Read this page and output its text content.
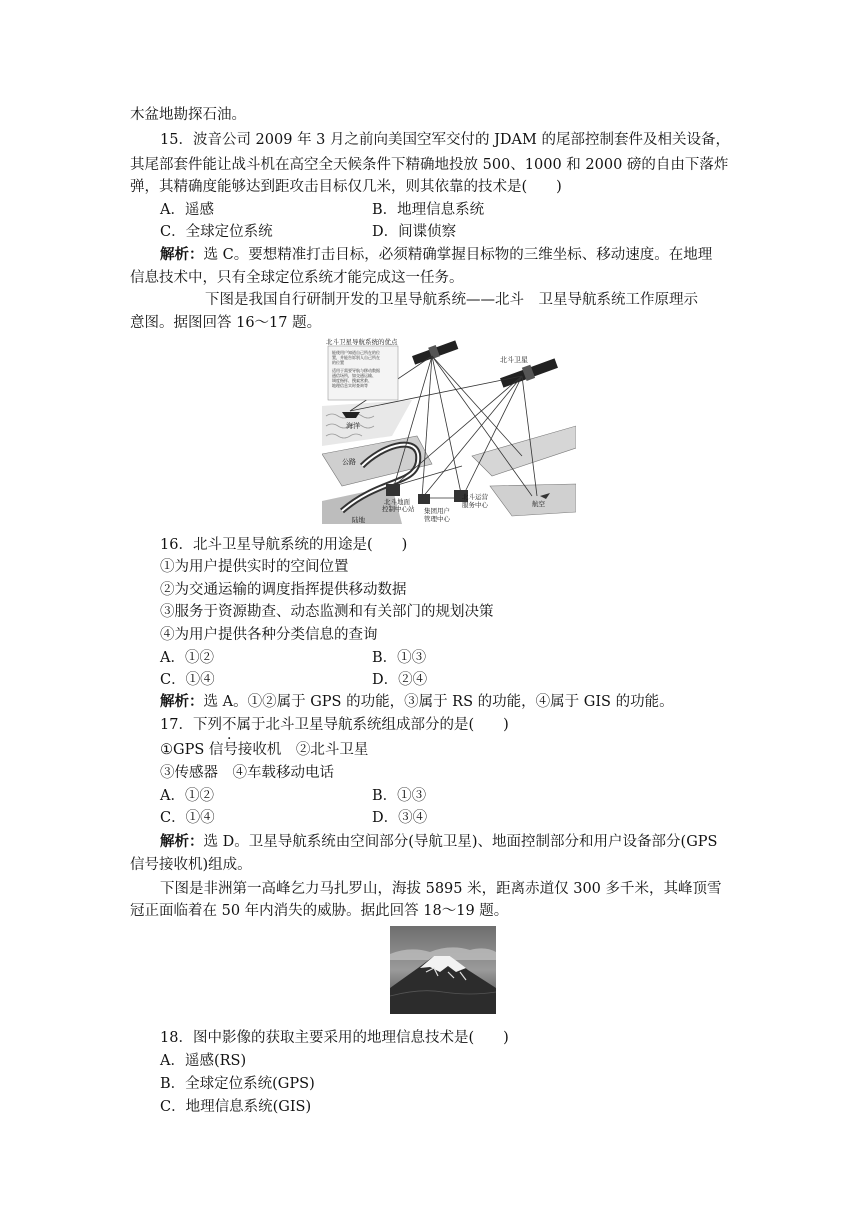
木盆地勘探石油。
15．波音公司 2009 年 3 月之前向美国空军交付的 JDAM 的尾部控制套件及相关设备，
其尾部套件能让战斗机在高空全天候条件下精确地投放 500、1000 和 2000 磅的自由下落炸
弹，其精确度能够达到距攻击目标仅几米，则其依靠的技术是(　　)
A．遥感	B．地理信息系统
C．全球定位系统	D．间谍侦察
解析：选 C。要想精准打击目标，必须精确掌握目标物的三维坐标、移动速度。在地理
信息技术中，只有全球定位系统才能完成这一任务。
下图是我国自行研制开发的卫星导航系统——北斗　卫星导航系统工作原理示
意图。据图回答 16～17 题。
北斗卫星导航系统的优点
能使用户知道自己所在的位
置，并能告诉别人自己所在
的位置
适用于需要导航与移动数据
通信场所，如交通运输、
调度指挥、搜索营救、
地理信息实时查询等
北斗卫星
海洋
公路
北斗地面
控制中心站 集团用户
管理中心
北斗运营
服务中心	航空
陆地
16．北斗卫星导航系统的用途是(　　)
①为用户提供实时的空间位置
②为交通运输的调度指挥提供移动数据
③服务于资源勘查、动态监测和有关部门的规划决策
④为用户提供各种分类信息的查询
A．①②	B．①③
C．①④	D．②④
解析：选 A。①②属于 GPS 的功能，③属于 RS 的功能，④属于 GIS 的功能。
17．下列不属于北斗卫星导航系统组成部分的是(　　)
①GPS 信号接收机　②北斗卫星
③传感器　④车载移动电话
A．①②	B．①③
C．①④	D．③④
解析：选 D。卫星导航系统由空间部分(导航卫星)、地面控制部分和用户设备部分(GPS
信号接收机)组成。
下图是非洲第一高峰乞力马扎罗山，海拔 5895 米，距离赤道仅 300 多千米，其峰顶雪
冠正面临着在 50 年内消失的威胁。据此回答 18～19 题。
18．图中影像的获取主要采用的地理信息技术是(　　)
A．遥感(RS)
B．全球定位系统(GPS)
C．地理信息系统(GIS)
